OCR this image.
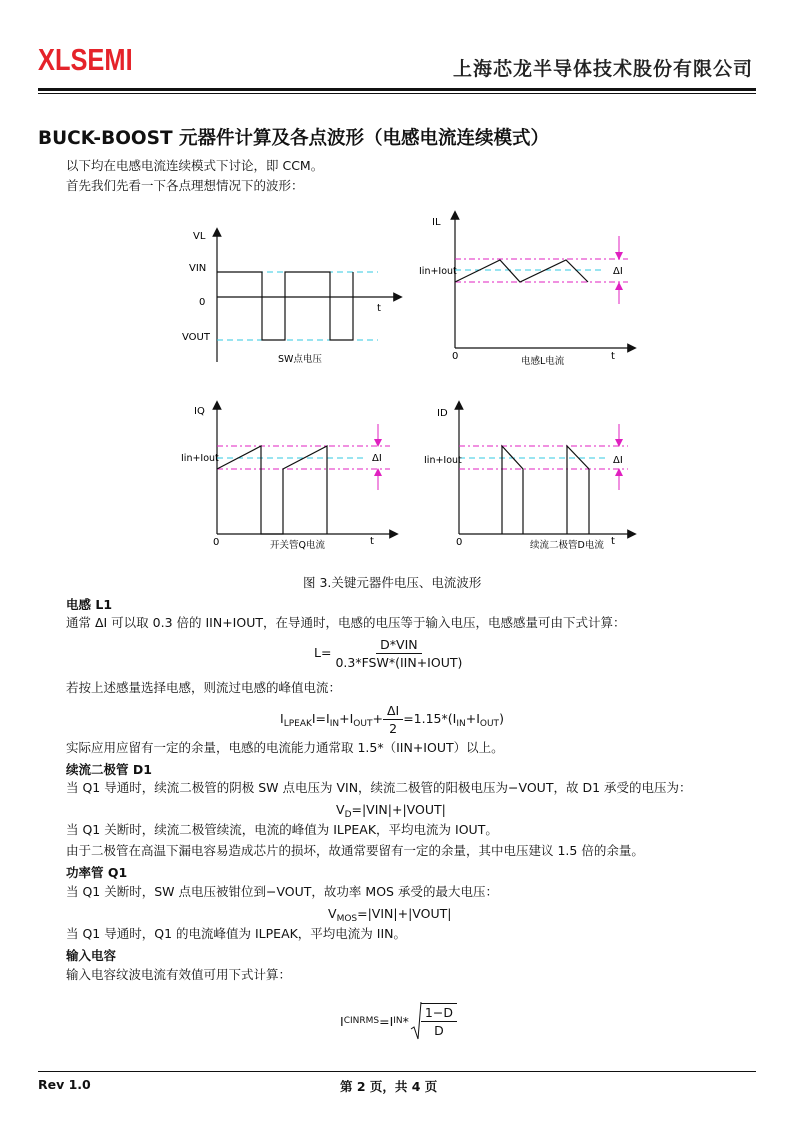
XLSEMI	上海芯龙半导体技术股份有限公司
BUCK-BOOST 元器件计算及各点波形（电感电流连续模式）
以下均在电感电流连续模式下讨论，即 CCM。
首先我们先看一下各点理想情况下的波形：
VL
VIN
0
VOUT
t
SW点电压
IL
Iin+Iout	ΔI
0	t
电感L电流
IQ
Iin+Iout	ΔI
0	t
开关管Q电流
ID
Iin+Iout	ΔI
0	t
续流二极管D电流
图 3.关键元器件电压、电流波形
电感 L1
通常 ΔI 可以取 0.3 倍的 IIN+IOUT，在导通时，电感的电压等于输入电压，电感感量可由下式计算：
$L= \frac{\text{D*VIN}}{\text{0.3*FSW*(IIN+IOUT)}}$
若按上述感量选择电感，则流过电感的峰值电流：
$I_{LPEAK}I=I_{IN}+I_{OUT}+ \frac{\Delta I}{2} =1.15*(I_{IN}+I_{OUT})$
实际应用应留有一定的余量，电感的电流能力通常取 1.5*（IIN+IOUT）以上。
续流二极管 D1
当 Q1 导通时，续流二极管的阴极 SW 点电压为 VIN，续流二极管的阳极电压为−VOUT，故 D1 承受的电压为：
$V_D=|VIN|+|VOUT|$
当 Q1 关断时，续流二极管续流，电流的峰值为 ILPEAK，平均电流为 IOUT。
由于二极管在高温下漏电容易造成芯片的损坏，故通常要留有一定的余量，其中电压建议 1.5 倍的余量。
功率管 Q1
当 Q1 关断时，SW 点电压被钳位到−VOUT，故功率 MOS 承受的最大电压：
$V_{MOS}=|VIN|+|VOUT|$
当 Q1 导通时，Q1 的电流峰值为 ILPEAK，平均电流为 IIN。
输入电容
输入电容纹波电流有效值可用下式计算：
I CINRMS =I IN * $\frac{1-D}{D}$
Rev 1.0	第 2 页，共 4 页
